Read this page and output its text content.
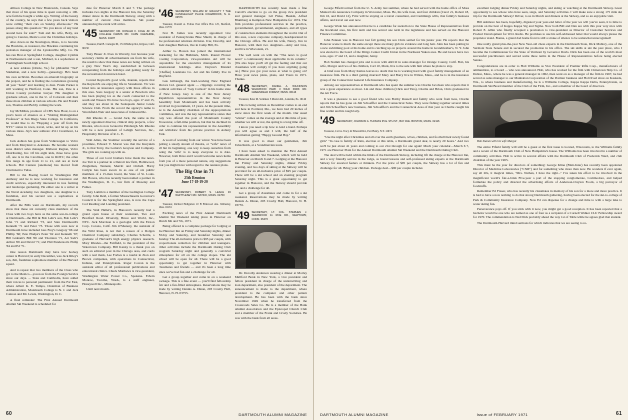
Allison College in New Brunswick, Canada. Says that most of his spare time is spent restoring a 100-acre farm he bought a while ago. Writing of the beauty of the country, he says that a few years back visitors were calling "their cars on Sunday afternoons." He passes along this question: "Do you know of any land around here for sale?" Tom and his wife, Betty, are going to Cancun, Mexico over the Christmas holidays.

Also down on the Newington, Mass., is to become the Hawkins, as treasurer, the Hawkins continuing his probation manager of the Lyndonville Mfg. Co. He has run Brat at Springfield College, daughter Cynthia at Northeastern and a son, Michael, is a sophomore at Framingham South high school.

A new address (Oriole, Va.) for philatelist "Ted" Snideman, and a new hobby—genealogy. He's been his own archivist. Becomes an emerald biography on the project, and he is finding the correlations growing all year "hand" and learning to dust. Frank Parker is still working in Hartford, Conn. His son, Pete is a Union County probation lawyer. His daughter is graduate school, one in the U. of Colorado and then three more children at various schools. He and Frank's son, Thomas and Bobby coming the work.

Jay McMillan, producer of CBS New Hour, is on a year's leave of absence as a "Visiting Distinguished Professor" at San Diego State College. In California, he would like to do "Hopping a year off from the NYC" status in town, travel, write, and let up on his various ideas. Jay's new address: 4511 Crestmont, La Mesa.

Jack Ashton has gone from Volkswagen to Volvo and from Maryland to Arkansas. He became western zone district sales manager. Midwest Region, Volvo Distributing, Inc. Of his eight kids, three have gone off, one is in the Carolinas, one in ROTC; the other five range in age from 11 to 21, and are at local schools. Hal Cannon (anemone) has moved from Cincinnati to Tulsa.

Bill to the Boeing board in Washington Bill Anthony and he is now working for insurance and credit services, especially interested in tree farming and landscape gardening. He either one is a writer at the Naval Academy, two daughters, one daughter is a freshman, and his second son a sophomore at Dartmouth.

After the Bills went on Dartmouth, my records show that these six currently class members of the Class with two boys have as the same son-in-college at Dartmouth—the Bill & Bob Lehr's son, Bob Lehr's John '71 and Richard '73, and Stan Dartmouth's Kenneth '71 and Peter '73. Those with sons now at Dartmouth have included Gus Frey's Gregory '66 and Phillip '66; Pete Phelps's Peter '62 and Kenneth '67; Bill Graham's Bill '66 and Thornton '71, Art Sadr's Arthur '69 and David '71; and Phil Punderson's Philip '64 and Ed '71.

One reason Dartmouth may have low hockey center is Harvard; in early December, was Jack Riley's son, Jim, freshman sophomore member of the Harvard squad.

And to repeat that two members of the Class who got to the Mexico—you now from the Foreign Service since our days. ... State and Cambodia, have added their voices to personal permanent: from the Far East, where Albert K. E. Tumpa, Chairman of Business Administration, Monmouth College is N. J. and Jack Cannon and Mr. Lewis, Washington, D. C.

A final reminder: The First Annual Dartmouth Alumni Ski Weekend is scheduled for

date for Hanover March 6 and 7. The package includes two nights at the Hanover Inn, the Saturday dinner dance in the Dartmouth Skiway, along with a number of current class members. Ski poster announcing the event will arrive.

'45 SECRETARY, DR. DONALD F. COLE JR. 25 COLLEGE FARMS RD. CAPE CHESHIRE, MASS. 04187

Treasurer, Paul B. Carnegie III, 174 Winthrop Rd., Kilgore, Calif. 96130

Tony Heuer Jr. lives in Waverly, but because your secretary claims all advertisements are from his wife, the result is show that these notes are being written on a gray New Year's day, sandwiched in between recuperating from the holidays and getting ready for the recreational downtown hotel.

Conrad Reynold's good wife, Jeannie, reports that the Reynold's are enjoying life in Stonehurst. Vic was hired into an insurance agency with three offices in this area. Sons Gregory is a senior at Bowdoin who has been playing ice as the coach connected to the south and Waseca Wo have two boys, ages 17 and 15, and they are about in the Sadaquada Junior Grade Science Club. From the record the agency's name is Wreckfield-Weir and Associates of Johnsonville.

Jim Rhodes Jr. — Grand Jack, the same as the newly appointed director, clinical ship projects, a few Rhodes, who is now located in Pittsburgh. Mr. Rhodes will be a new president of Lehigh Services, Inc., Hospitality Division of R. L. E.

Walt Allen, the Stomitec recently the service of a prostitute, Edward V. Morrat was that the Kuryakin Jr., is that Terry, the Lomax's Grayson and Company. The girls are cooking up with us.

Three of our local brothers have made the news. Joe Tutt is a partner in a Detroit law firm, Holmwood, Zingleman, Tennant, Merritt and Orchell. Harry Carlyle has been sworn in as one of six public members of a 15-man board, the State of St. Louis. Jim Howes, who has recently been named a partner in the Washington, D. C., law firm of Moseley and Fulner.

Tony Lamm is a member of the Ludington College faculty. John Reid, a former Massachusetts Governor's Council is for the Springfield area, is now the Cape Cod Reading and Landing president.

The Walt Hallet's, in Hanover's recently had a grand open house at their restaurant, Two and Bradford Road. Diversity, Bruce and World, Inc., NYC. Jack Morrison is a geologist with the Exxon Corp. Corona, Calif. Jim O'Shanary, the assistant of the Wild Rose, is not that a reason of a Dolgen Chemical Company subsidiary. Charles Schottle, a graduate of Harvard's high energy physics research. Mary Rhodes—the Fairfield, is the president of the Watertown Company. Bill Kenny is a thank you on such an editorial post in the Chicago area, and cards with a real mark, Lee Forbes is a tourist in Zion and Brown companies, with operations in Connecticut, Indiana, and Pennsylvania. Roger Cowan is the assistant editor of all professional publications and educational clinics. Chuck Matthews is vice-president, Washington Water Power Co., Spokane. Edwin Monroe, Tacoma, Wash., is a staff engineer, Honeywell Inc., Minneapolis.

Until next month.

'46 SECRETARY, WILLIAM W. GRAULTY 7 THE CANDLELIGHT PLACE COLEBROOK, N. H. 03576

Treasurer, Donald A. Forbes Post Office Box 125, Medford, Mass. 01776

Ivar H. James was recently appointed vice president of Pennsylvania Blue Shield, in charge of the professional relations division. Ivar, Dorothy, and their daughter Barbara, live in Camp Hill, Pa.

Arthur G. Bowen has joined the international marketing for the Hallmark, Mich. Round Flower Coating Corporation, vice-president. Art will be responsible for the executive management of its international holdings. Also Dayton's Mandel (Chaffee) Louisiana Co. Art and his family live in Mayfield.

Gus Gilbaugh, the hard-working New England Motors Ltd. general agent — clippings covering the political activities of "Guy Carlson" in his home state of New Jersey. Guy is one of the New Jersey Republican representatives in the New Jersey Assembly from Monmouth and has been actively involved in government, 13 years. At the present time, he is the Assembly chairman of the Appropriations Committee, and was the key representative states that Guy was offered the post of Monmouth County Prosecutor, a full-time position, but that he declined in order to continue his representation in the Assembly and withdraw from his private practice in Asbury Park.

A word of warning from our wives: You have been getting a steady stream of theatre, or "wife" news of all but its beginning, one way to keep ourselves from being the 'wife' is to keep everyone to is date. However, both Dave and I would welcome news items from you of a more personal nature, any suggestions that you might have with regard to the reunion plans.

The Big One in 71
25th Reunion
June 17-18-19-20
'47 SECRETARY, ROBERT S. LEACH 33 WHITTLESEY RD. NATICK, MASS. 01760

Treasurer, Richard Hallgarten 10 B Elmwood Ave. Wellesley, Mass. 02181

Exciting news of the First Annual Dartmouth Alumni Ski Weekend taking place in Hanover on March 6th and 7th, 1971.

Being offered is a complete package for lodging at the Hanover Inn on Friday and Saturday nights, dinner Friday and Saturday, and breakfast Saturday and Sunday. The all-inclusive price is $95 per couple, with proportionate reduction for children and teenagers. Other activities include the Dartmouth Outing Club program Saturday night and generally a convivial atmosphere for all on the college slopes. The ski school will be open for all. There will be a good opportunity to get together in Hanover with classmates and friends — and it's been a long time since we've had fun and a challenge for all.

Get a group together and come in on a weekend package. This is a fine event — you'll find fellowship fair and a fun-filled atmosphere. Reservations may be made by writing Dennis A. Dinan, 203 Crosby Hall, Hanover, N. H. 03755.

DARTMOUTH has recently been made a fine Carroll's election to go on the group vice president and general manager. Gil Fiske, Heekin, Alfred Blumberg A Kempton New Hampshire for 1974. The firm provides professional services in the practice, governmental, governmental, engineers, and all types of construction elements throughout the world. Out of this area, a new corporate company, headquartered in the Chicago office. He and his wife, Nancy, live in Hanover, with their two daughters—Amy and Lisa, and live in Wisconsin, 21.

The well went on with the "The news is good news" a continuously most applicable in its column." (We also hope you'll all get the feeling and that our classmates will comply if you have anything going on.) Have you got your news at what is going on? Have your news plans, plans, and Yours in 1971. Thanks.

'48 SECRETARY, DANIEL A. WILKINSON WILDWOOD PARK 3 WILD PARK RD. GREENFIELD FOREST, PENN. 06116

Treasurer, Peter M. Sommers 3 Marion Rd., Lansdale, Pa. 19146

This is being written as December comes to an end and here in Portland, Me., we have had 20 inches of snow since the first week of the month. Our usual "winter" comes on the average and at this time of year, whether we will or not, the spring is a long time off.

I know you need a tip how to lend a hand. Perhaps you will agree as and I will, the half of the information getting "Happy Ground Bay."

It was good to meet our gentlemen, Jim Tabachnick, at a Scandinavian tours.

I have been asked to mention the First Annual Dartmouth Alumni Ski Weekend, which will be held in Hanover on March 6 and 7. Lodging at the Hanover Inn Friday and Saturday nights, dinner Friday evening, and two days of skiing at the Skiway will be provided for an all-inclusive price of $95 per couple. There will be a ski school and an evening program Saturday night. This is a great opportunity to get together in Hanover, and the Skiway should provide fun and a challenge for all.

Get a group of classmates and come in for a ski weekend. Reservations may be made by writing Dennis A. Dinan, 203 Crosby Hall, Hanover, N. H. 03755.

'49 SECRETARY, LT. COL. STEPHEN J. SHERWOOD 11 ROE DR., NEWTOWN, CONN. 06470

Dr. Dorothy Anderson wearing a dinner at Morley Mullford Bonk in New York, a vice president and fellow president in charge of the underwriting and loan department, also president of the department. The announcement is made to the department, where president is the computer and other pattern development. He has been with the bank since November 1949 when he transferred from the Crossroads Sales Co. He is a member of the Bank Alumni Association and the Episcopal Church Club and a member of the Frank and Lively Societies. He was with the bank from all areas.

60	DARTMOUTH ALUMNI MAGAZINE

George Fifield retired from the U. S. Army last summer, where he had served with the home office of Mass Mutual Life Assurance Company in Worcester, Mass. He, his wife Joan, and four children (Carol 21, Robert 18, Jim 16, and David 12), Fritz will be staying as a travel consultant, and Cummings wills, that family's business affairs, and travel out east now.

George Wade has announced that he is a candidate for reelection to the State House of Representatives from the Rockland area, his first term and has served one term in the legislature and has served on the Hanover Finance Committee.

John Fennen was in Hanover last fall getting his son Chris settled for his junior year. He reports that the Hanover scene is much the same except there are many girls in evidence and long hair. John has been putting in a new swimming pool at his home and is catching up on projects around the home in Grandmother's, N. Y. John was elected to the board of the Dirigo Center Credit Union in the Northeast Yukon area. He and Grace have two sons, ages 17 and 13, and a daughter, Jenny.

Bob Stamm has changed jobs and is now with ARCO in sales manager for Orange County, Calif. Bob, his wife, Margot and two of his children, Carl 10, Mark, live to the sale with him where he plans to stay.

A brief note from Mary Katina leaves no doubt that he is working hard with good family management of an insurance firm. He is a third getting married! Mary and Barry live in Wilton, Mass., and he is in the insurance group of the Connecticut General Life Insurance Company.

Among our representatives at Dartmouth who has spent the summer was Charlie Jacobsen who reports that it was a great experience as most. Lin and three children (Chris and Tina), Charlie and Brian, Chris graduated in the Air Force.

It was a pleasure to see a good friend who was Bobby Russell and family who went from here, Charlie reports that he has gone on Jim Schoeffler and the Connecticut Sales. They were fishing together several times and Jim Schoeffler's new business, Jim Schoeffler's and the Connecticut Area of that year as Charlie caught his fine wallet and his tough lady.

'49 SECRETARY, JOHNSON A. THOMAS 35 E. 9TH ST., BAY AVE. BOSTON, MASS. 02116

Treasurer, Carl A. Tracy 42 Emerald Rd., Port Henry, N.Y. 12974

"Use the night after Christmas and all over the earth gleamers, wives, children, and football their newly found girls" "In case is family of Rain, election at this table, a Dartmouth grand dear, is nearly 20 hours." And two we'll be just about 41 years and coming to our 21st through for one again! Much your calendar—March 6 7, 1971 are Hanover Plain for the Annual Dartmouth Alumni Ski Weekend and the Dartmouth Outing Club.

The deal will be held within the limits of the Dartmouth Skiway, including lift the charge at the Hanover Inn, and a very friendly service in the lodge, as bound lessons and self-professed skiing experts at the Dartmouth Skiway for assorted feelers or thinkers. For the price of $95 per couple, the Skiway has a lot of fun and challenge for all. Bring your children. Package deal—$90 per couple includes

excellent lodging dinner Friday and Saturday nights, and skiing or watching at the Dartmouth Skiway. Great opportunity to see whose who have seen, stage, and Saturday activities. I will make sure a strong 175 mile ski trip for the Dartmouth Skiway! Driver, to us in March and dinners at the Skiway, and so an enjoyable visit.

Bill Ashmore has been, hopefully, digested your year-end letter of the year we will you've seen, it is time to provide on the best of Kappa Kappa Sig and Sigma. Now both Bill and Dan are with this year very nice with Robert E. Albin who finally accepted a promotion to vice-president as Director of Customer Services and Product Development for W.O. Radio. He promises to use his self-addressed letter that would always please the proprietor stand. Bonne, a grand dad home front is still a stroke of silence to be somewhat unrecognized!

One really grand plus-the-year New Year-old chess experts in the Dartmouth State, Dick Mallory, one of the Vermont State Senate and in secured the promotion in his office. The ski skills at ski the past place, who I became the Commissioner for the State of Vermont by Governor Davis. Dick has been one of the world's most successful practitioners and served some three terms in the House of Representatives before being elected Senate.

Congratulations are in order to Holt Williams as Vice President of Premier Rifle Corp., manufacturers of ammunition, to a board ... who was announced. Holt, who has worked for the firm with Chinatown Ship Co. of Dalton, Mass., where he was a general manager in 1962, then went on as a manager of the firm in 1967, he had served as sales manager to our Manhattan Corporation of the Premier business and Holt lived since on Kaskade, Wis., to where business and manufacturing, he is a Williams College, Kappa Kappa Delta, Pennsylvania, as Dartmouth Ski Board member of the Club of the Firm, Inc., and a member of the board of directors.

Bob Stamm with his wife Margot

The entire Fifield family will still be a guest at the first issue is located, Wisconsin, to the Williams family and a recent of the Dartmouth Club of New Hampshire's house. The Williams has been involved in a number of community activities. Holt is active in several affairs with the Dartmouth Club of Frederick Ward, and club chairman of the year 1965.

This must be the year for directors of something: George Kline (Blair-Inter) has recently been appointed Director of Medicine Laboratories ("CSM") and for something who more than now. He wonders if ever again, say all 20s, it magical times, "Mrs. Nathan, I have the right..." I've taken his effort to be involved in the magnificent world's fair-a-brisk Five-year a part of the stopping conglomerate, Commodore, and helped formulate the policy and directed the advertising efforts of Anderson-Clayton Foods, a big purveyor of foodstuffs.

Remember Ed Fraser, who has recently his classmates in memory of his son for a more and more practice. It is had to have a now nothing to do that strong Dartmouth gathering, having been elected for the ski-to-college of Park & Community Insurance Company. Now Ed can dispense for a change and time to with a large lake to water skiing fun.

Perseverance pays off. If you stick with it now, you might get a good reception. It has been reported that a bachelor would be one who are named as one of four as a recipient of a Cornell Walker CLU Fellowship award for 1970. The commendation is Ned Dick probably ahead the way 1st of Table while he agrees glad that student.

The Dartmouth-Harvard mind sermons for which indicates that we are seeing to re-

DARTMOUTH ALUMNI MAGAZINE	Issue of FEBRUARY 1971	61
